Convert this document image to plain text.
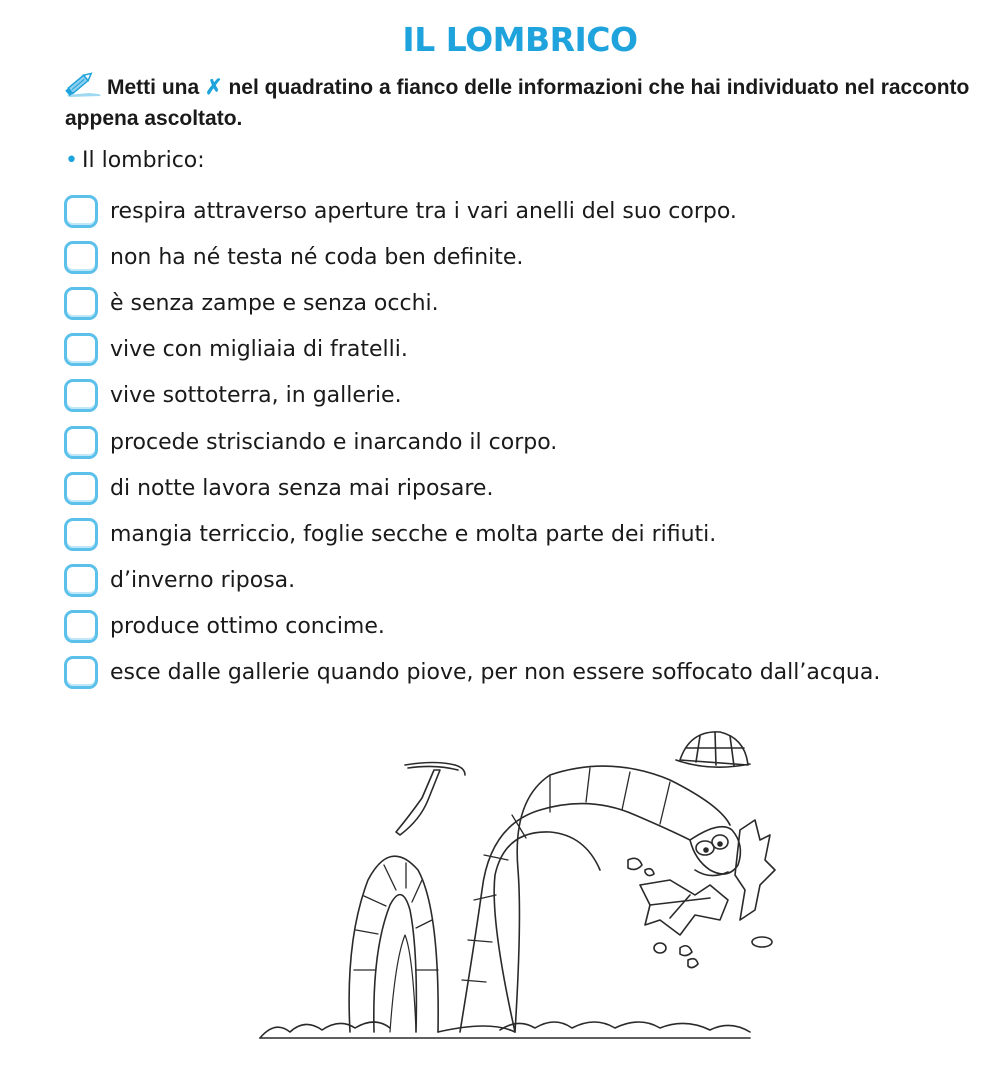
IL LOMBRICO
Metti una ✗ nel quadratino a fianco delle informazioni che hai individuato nel racconto appena ascoltato.
• Il lombrico:
respira attraverso aperture tra i vari anelli del suo corpo.
non ha né testa né coda ben definite.
è senza zampe e senza occhi.
vive con migliaia di fratelli.
vive sottoterra, in gallerie.
procede strisciando e inarcando il corpo.
di notte lavora senza mai riposare.
mangia terriccio, foglie secche e molta parte dei rifiuti.
d’inverno riposa.
produce ottimo concime.
esce dalle gallerie quando piove, per non essere soffocato dall’acqua.
